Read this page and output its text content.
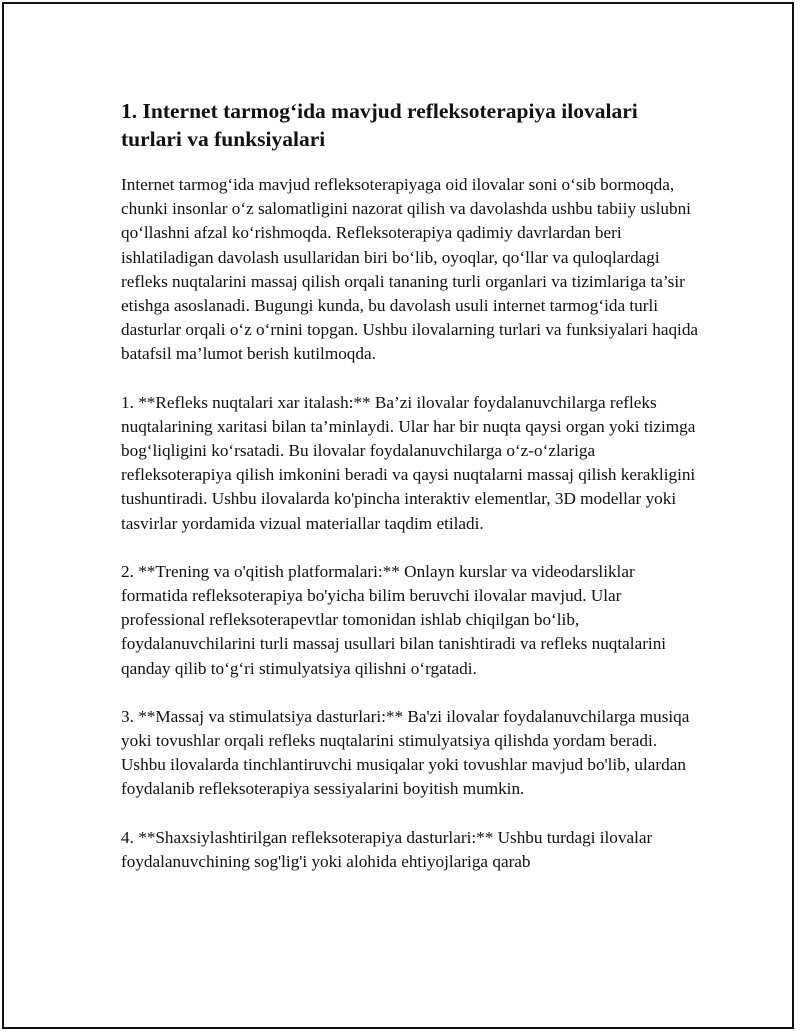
1. Internet tarmog‘ida mavjud refleksoterapiya ilovalari turlari va funksiyalari

Internet tarmog‘ida mavjud refleksoterapiyaga oid ilovalar soni o‘sib bormoqda, chunki insonlar o‘z salomatligini nazorat qilish va davolashda ushbu tabiiy uslubni qo‘llashni afzal ko‘rishmoqda. Refleksoterapiya qadimiy davrlardan beri ishlatiladigan davolash usullaridan biri bo‘lib, oyoqlar, qo‘llar va quloqlardagi refleks nuqtalarini massaj qilish orqali tananing turli organlari va tizimlariga ta’sir etishga asoslanadi. Bugungi kunda, bu davolash usuli internet tarmog‘ida turli dasturlar orqali o‘z o‘rnini topgan. Ushbu ilovalarning turlari va funksiyalari haqida batafsil ma’lumot berish kutilmoqda.

1. **Refleks nuqtalari xar italash:** Ba’zi ilovalar foydalanuvchilarga refleks nuqtalarining xaritasi bilan ta’minlaydi. Ular har bir nuqta qaysi organ yoki tizimga bog‘liqligini ko‘rsatadi. Bu ilovalar foydalanuvchilarga o‘z-o‘zlariga refleksoterapiya qilish imkonini beradi va qaysi nuqtalarni massaj qilish kerakligini tushuntiradi. Ushbu ilovalarda ko'pincha interaktiv elementlar, 3D modellar yoki tasvirlar yordamida vizual materiallar taqdim etiladi.

2. **Trening va o'qitish platformalari:** Onlayn kurslar va videodarsliklar formatida refleksoterapiya bo'yicha bilim beruvchi ilovalar mavjud. Ular professional refleksoterapevtlar tomonidan ishlab chiqilgan bo‘lib, foydalanuvchilarini turli massaj usullari bilan tanishtiradi va refleks nuqtalarini qanday qilib to‘g‘ri stimulyatsiya qilishni o‘rgatadi.

3. **Massaj va stimulatsiya dasturlari:** Ba'zi ilovalar foydalanuvchilarga musiqa yoki tovushlar orqali refleks nuqtalarini stimulyatsiya qilishda yordam beradi. Ushbu ilovalarda tinchlantiruvchi musiqalar yoki tovushlar mavjud bo'lib, ulardan foydalanib refleksoterapiya sessiyalarini boyitish mumkin.

4. **Shaxsiylashtirilgan refleksoterapiya dasturlari:** Ushbu turdagi ilovalar foydalanuvchining sog'lig'i yoki alohida ehtiyojlariga qarab
